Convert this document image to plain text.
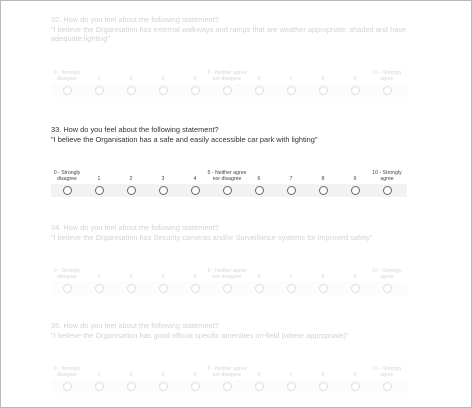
32. How do you feel about the following statement?
"I believe the Organisation has external walkways and ramps that are weather appropriate, shaded and have adequate lighting"
0 - Strongly disagree	1	2	3	4
5 - Neither agree nor disagree	6	7	8	9
10 - Strongly agree
33. How do you feel about the following statement?
"I believe the Organisation has a safe and easily accessible car park with lighting"
0 - Strongly disagree	1	2	3	4
5 - Neither agree nor disagree	6	7	8	9
10 - Strongly agree
34. How do you feel about the following statement?
"I believe the Organisation has Security cameras and/or Surveillance systems for improved safety"
0 - Strongly disagree	1	2	3	4
5 - Neither agree nor disagree	6	7	8	9
10 - Strongly agree
35. How do you feel about the following statement?
"I believe the Organisation has good official specific amenities on-field (where appropriate)"
0 - Strongly disagree	1	2	3	4
5 - Neither agree nor disagree	6	7	8	9
10 - Strongly agree
